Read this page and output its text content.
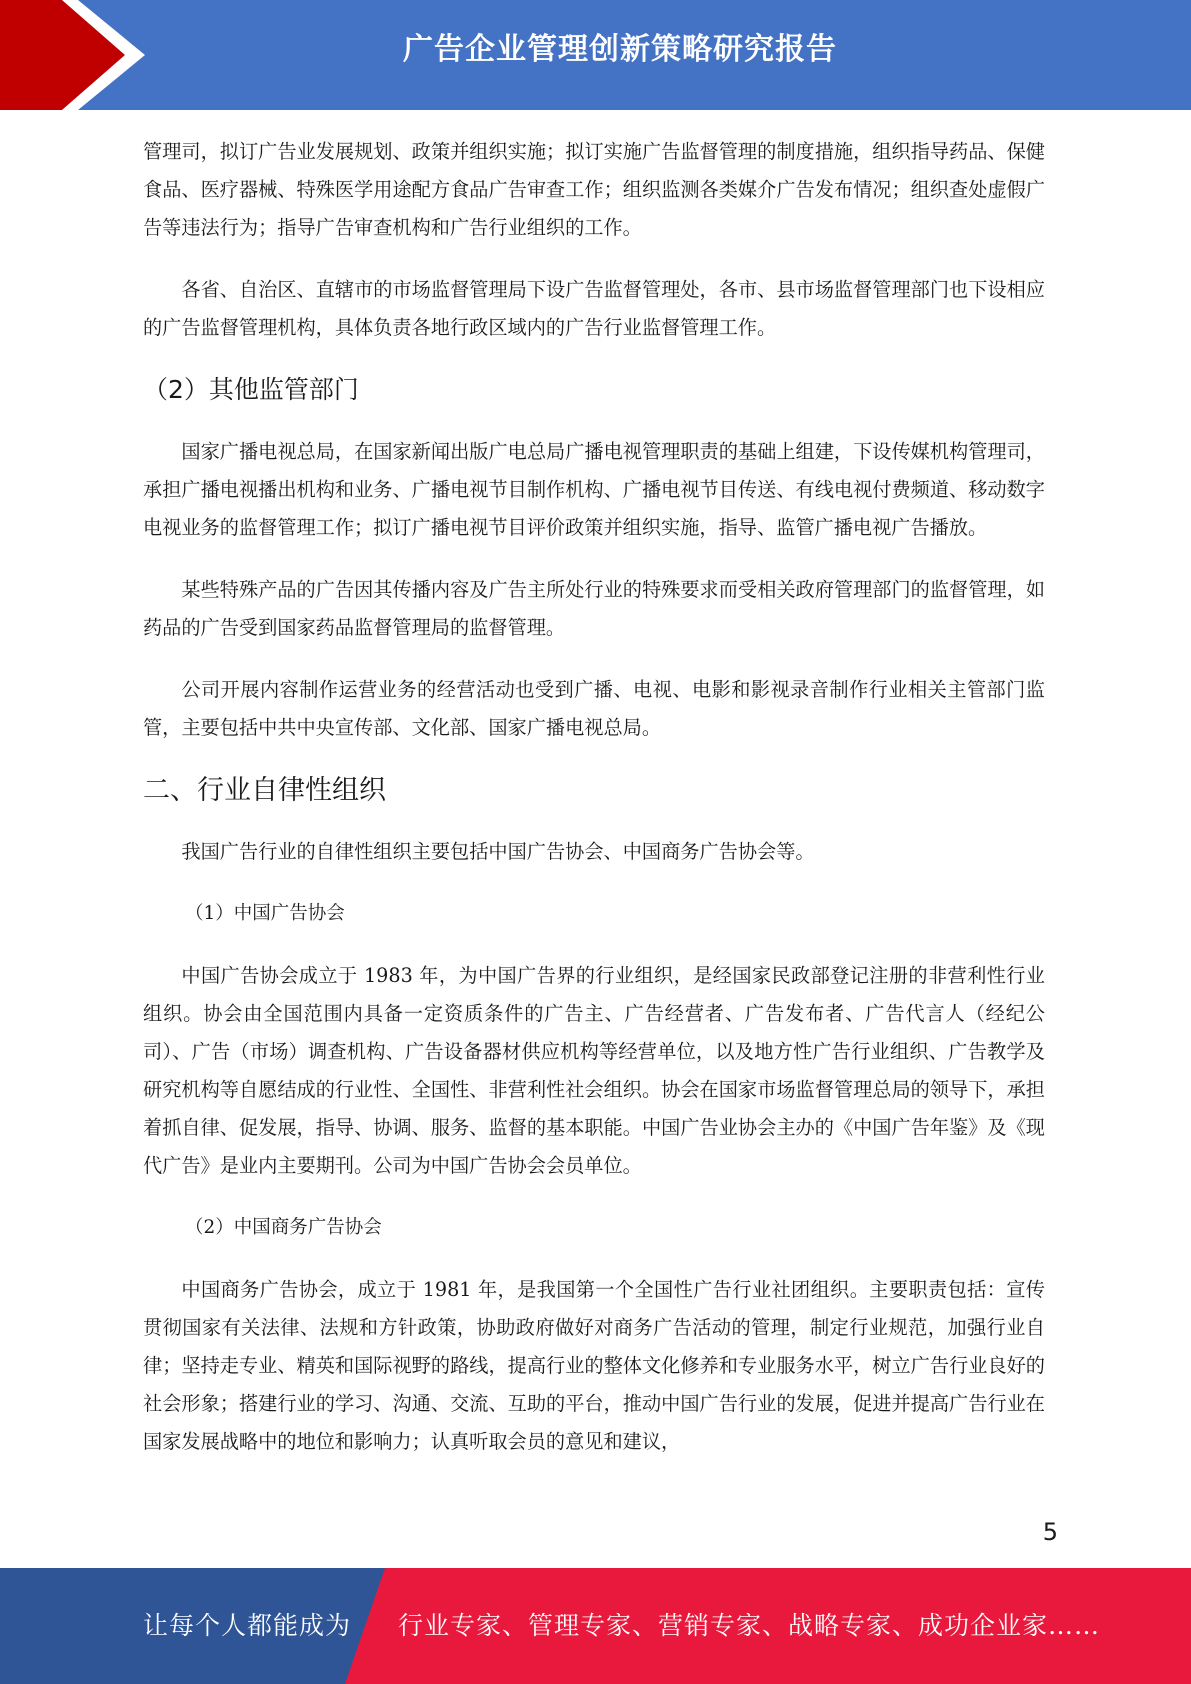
广告企业管理创新策略研究报告

管理司，拟订广告业发展规划、政策并组织实施；拟订实施广告监督管理的制度措施，组织指导药品、保健食品、医疗器械、特殊医学用途配方食品广告审查工作；组织监测各类媒介广告发布情况；组织查处虚假广告等违法行为；指导广告审查机构和广告行业组织的工作。

各省、自治区、直辖市的市场监督管理局下设广告监督管理处，各市、县市场监督管理部门也下设相应的广告监督管理机构，具体负责各地行政区域内的广告行业监督管理工作。

（2）其他监管部门

国家广播电视总局，在国家新闻出版广电总局广播电视管理职责的基础上组建，下设传媒机构管理司，承担广播电视播出机构和业务、广播电视节目制作机构、广播电视节目传送、有线电视付费频道、移动数字电视业务的监督管理工作；拟订广播电视节目评价政策并组织实施，指导、监管广播电视广告播放。

某些特殊产品的广告因其传播内容及广告主所处行业的特殊要求而受相关政府管理部门的监督管理，如药品的广告受到国家药品监督管理局的监督管理。

公司开展内容制作运营业务的经营活动也受到广播、电视、电影和影视录音制作行业相关主管部门监管，主要包括中共中央宣传部、文化部、国家广播电视总局。

二、行业自律性组织

我国广告行业的自律性组织主要包括中国广告协会、中国商务广告协会等。

（1）中国广告协会

中国广告协会成立于 1983 年，为中国广告界的行业组织，是经国家民政部登记注册的非营利性行业组织。协会由全国范围内具备一定资质条件的广告主、广告经营者、广告发布者、广告代言人（经纪公司）、广告（市场）调查机构、广告设备器材供应机构等经营单位，以及地方性广告行业组织、广告教学及研究机构等自愿结成的行业性、全国性、非营利性社会组织。协会在国家市场监督管理总局的领导下，承担着抓自律、促发展，指导、协调、服务、监督的基本职能。中国广告业协会主办的《中国广告年鉴》及《现代广告》是业内主要期刊。公司为中国广告协会会员单位。

（2）中国商务广告协会

中国商务广告协会，成立于 1981 年，是我国第一个全国性广告行业社团组织。主要职责包括：宣传贯彻国家有关法律、法规和方针政策，协助政府做好对商务广告活动的管理，制定行业规范，加强行业自律；坚持走专业、精英和国际视野的路线，提高行业的整体文化修养和专业服务水平，树立广告行业良好的社会形象；搭建行业的学习、沟通、交流、互助的平台，推动中国广告行业的发展，促进并提高广告行业在国家发展战略中的地位和影响力；认真听取会员的意见和建议，

5
让每个人都能成为 行业专家、管理专家、营销专家、战略专家、成功企业家……
